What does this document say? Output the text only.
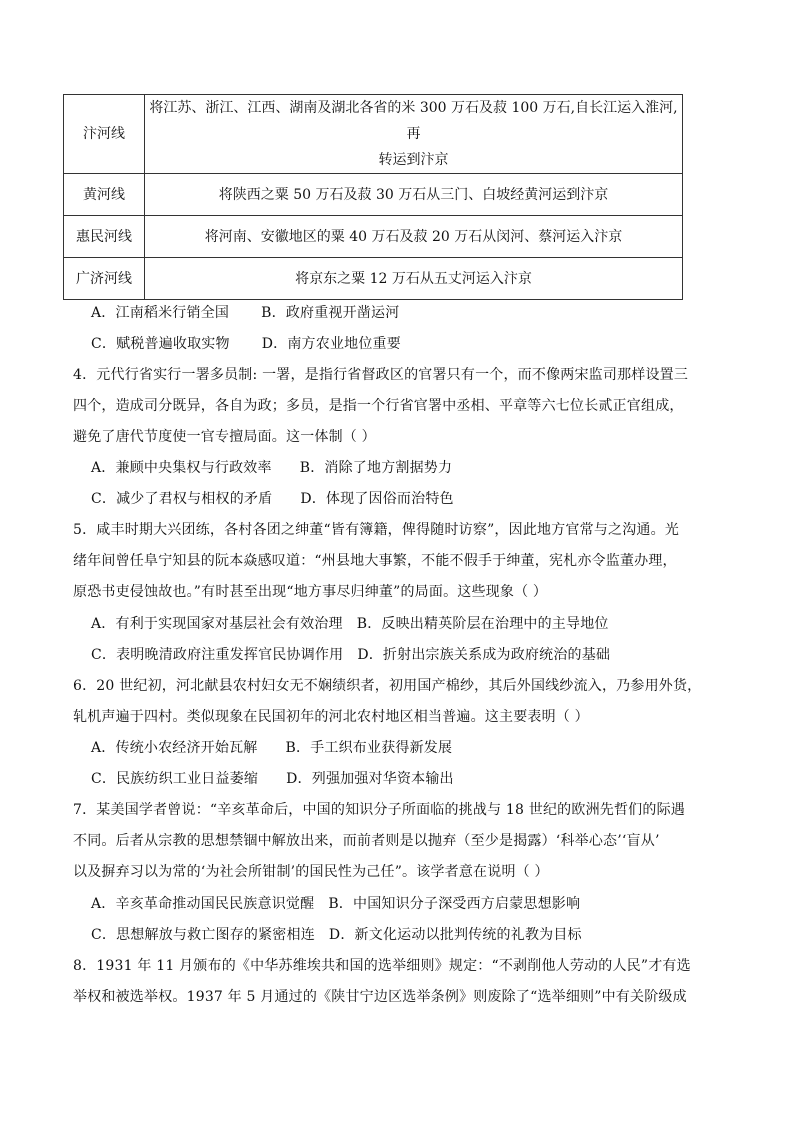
汴河线	将江苏、浙江、江西、湖南及湖北各省的米 300 万石及菽 100 万石,自长江运入淮河,再
转运到汴京
黄河线	将陕西之粟 50 万石及菽 30 万石从三门、白坡经黄河运到汴京
惠民河线	将河南、安徽地区的粟 40 万石及菽 20 万石从闵河、蔡河运入汴京
广济河线	将京东之粟 12 万石从五丈河运入汴京
A．江南稻米行销全国 B．政府重视开凿运河
C．赋税普遍收取实物 D．南方农业地位重要
4．元代行省实行一署多员制: 一署，是指行省督政区的官署只有一个，而不像两宋监司那样设置三
四个，造成司分既异，各自为政；多员，是指一个行省官署中丞相、平章等六七位长贰正官组成，
避免了唐代节度使一官专擅局面。这一体制（ ）
A．兼顾中央集权与行政效率 B．消除了地方割据势力
C．减少了君权与相权的矛盾 D．体现了因俗而治特色
5．咸丰时期大兴团练，各村各团之绅董“皆有簿籍，俾得随时访察”，因此地方官常与之沟通。光
绪年间曾任阜宁知县的阮本焱感叹道：“州县地大事繁，不能不假手于绅董，宪札亦令监董办理，
原恐书吏侵蚀故也。”有时甚至出现“地方事尽归绅董”的局面。这些现象（ ）
A．有利于实现国家对基层社会有效治理 B．反映出精英阶层在治理中的主导地位
C．表明晚清政府注重发挥官民协调作用 D．折射出宗族关系成为政府统治的基础
6．20 世纪初，河北献县农村妇女无不娴绩织者，初用国产棉纱，其后外国线纱流入，乃参用外货，
轧机声遍于四村。类似现象在民国初年的河北农村地区相当普遍。这主要表明（ ）
A．传统小农经济开始瓦解 B．手工织布业获得新发展
C．民族纺织工业日益萎缩 D．列强加强对华资本输出
7．某美国学者曾说：“辛亥革命后，中国的知识分子所面临的挑战与 18 世纪的欧洲先哲们的际遇
不同。后者从宗教的思想禁锢中解放出来，而前者则是以抛弃（至少是揭露）‘科举心态’‘盲从’
以及摒弃习以为常的‘为社会所钳制’的国民性为己任”。该学者意在说明（ ）
A．辛亥革命推动国民民族意识觉醒 B．中国知识分子深受西方启蒙思想影响
C．思想解放与救亡图存的紧密相连 D．新文化运动以批判传统的礼教为目标
8．1931 年 11 月颁布的《中华苏维埃共和国的选举细则》规定：“不剥削他人劳动的人民”才有选
举权和被选举权。1937 年 5 月通过的《陕甘宁边区选举条例》则废除了“选举细则”中有关阶级成
